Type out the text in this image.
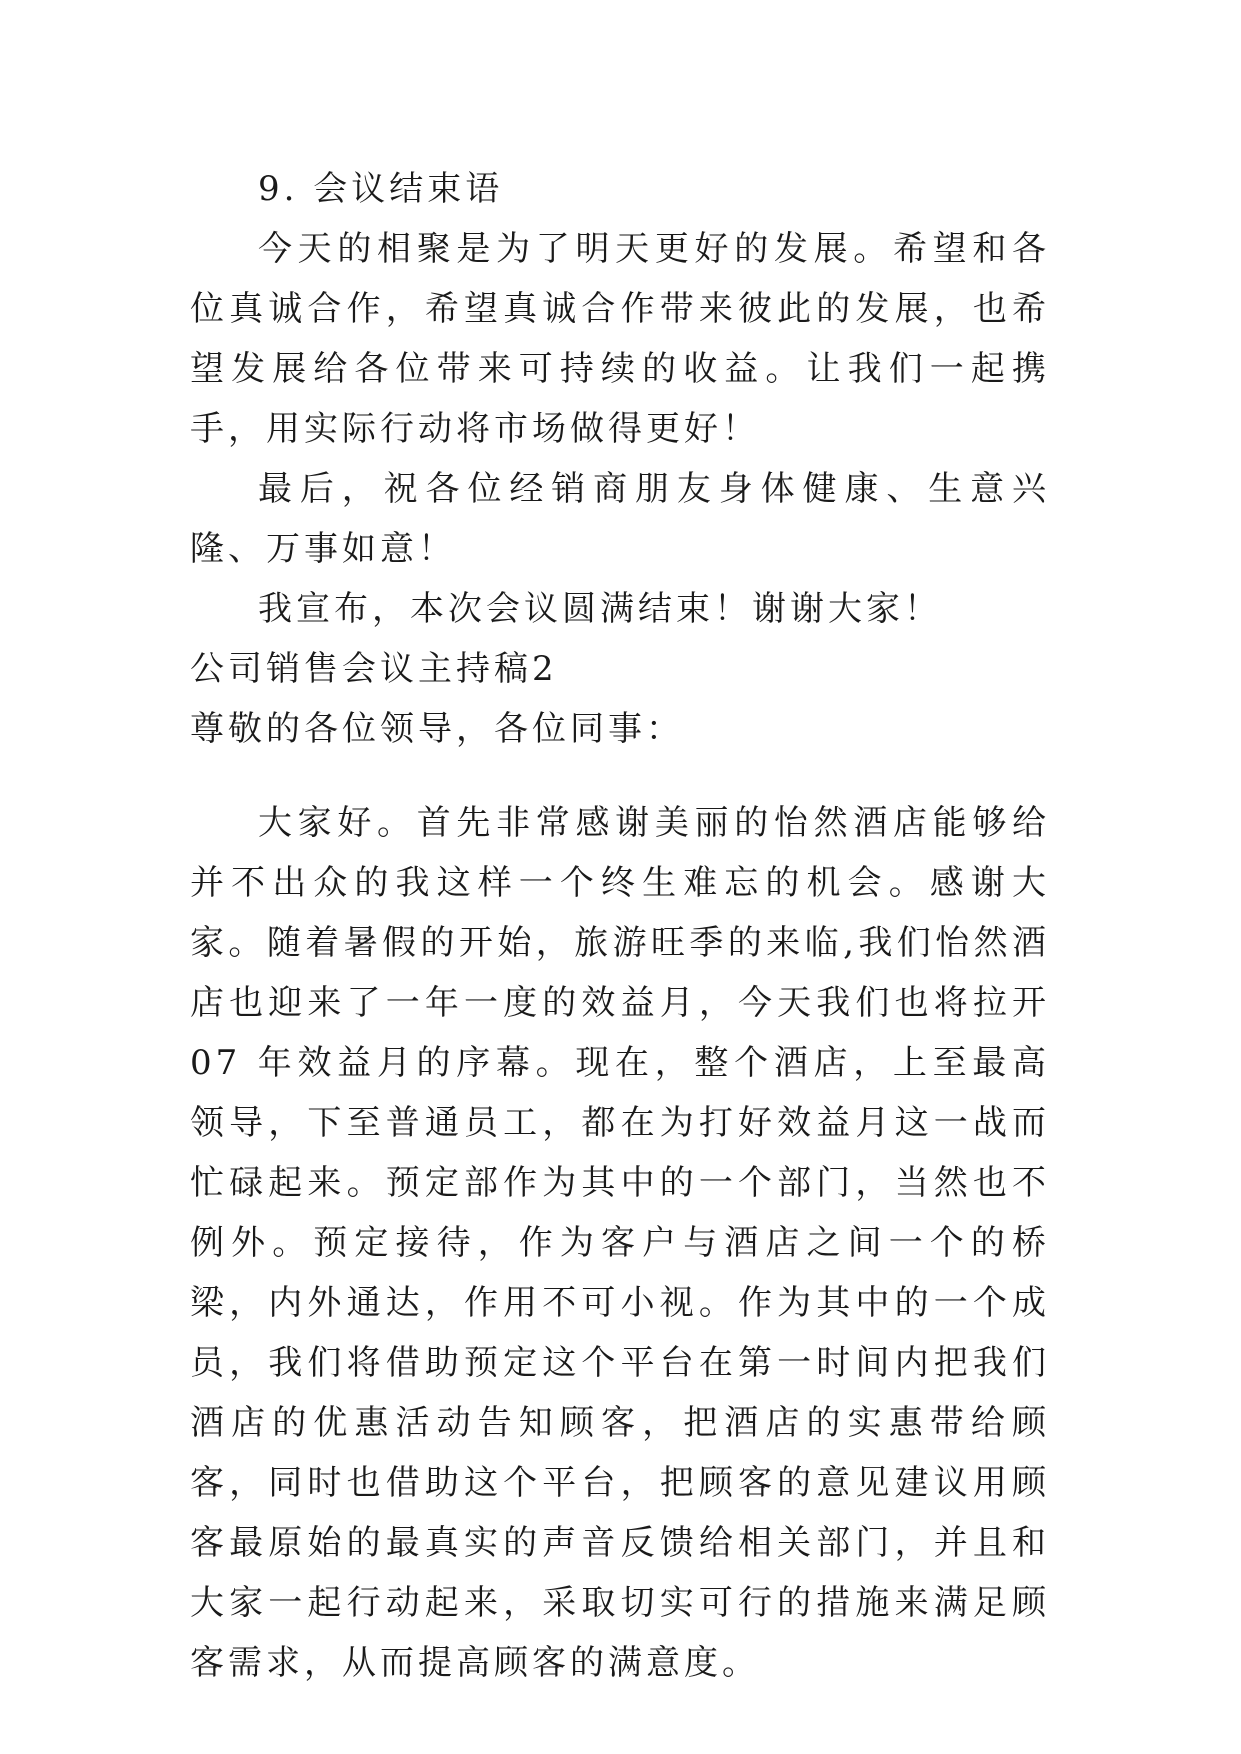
9. 会议结束语

今天的相聚是为了明天更好的发展。希望和各位真诚合作，希望真诚合作带来彼此的发展，也希望发展给各位带来可持续的收益。让我们一起携手，用实际行动将市场做得更好！

最后，祝各位经销商朋友身体健康、生意兴隆、万事如意！

我宣布，本次会议圆满结束！谢谢大家！

公司销售会议主持稿2

尊敬的各位领导，各位同事：

大家好。首先非常感谢美丽的怡然酒店能够给并不出众的我这样一个终生难忘的机会。感谢大家。随着暑假的开始，旅游旺季的来临,我们怡然酒店也迎来了一年一度的效益月，今天我们也将拉开 07 年效益月的序幕。现在，整个酒店，上至最高领导，下至普通员工，都在为打好效益月这一战而忙碌起来。预定部作为其中的一个部门，当然也不例外。预定接待，作为客户与酒店之间一个的桥梁，内外通达，作用不可小视。作为其中的一个成员，我们将借助预定这个平台在第一时间内把我们酒店的优惠活动告知顾客，把酒店的实惠带给顾客，同时也借助这个平台，把顾客的意见建议用顾客最原始的最真实的声音反馈给相关部门，并且和大家一起行动起来，采取切实可行的措施来满足顾客需求，从而提高顾客的满意度。
